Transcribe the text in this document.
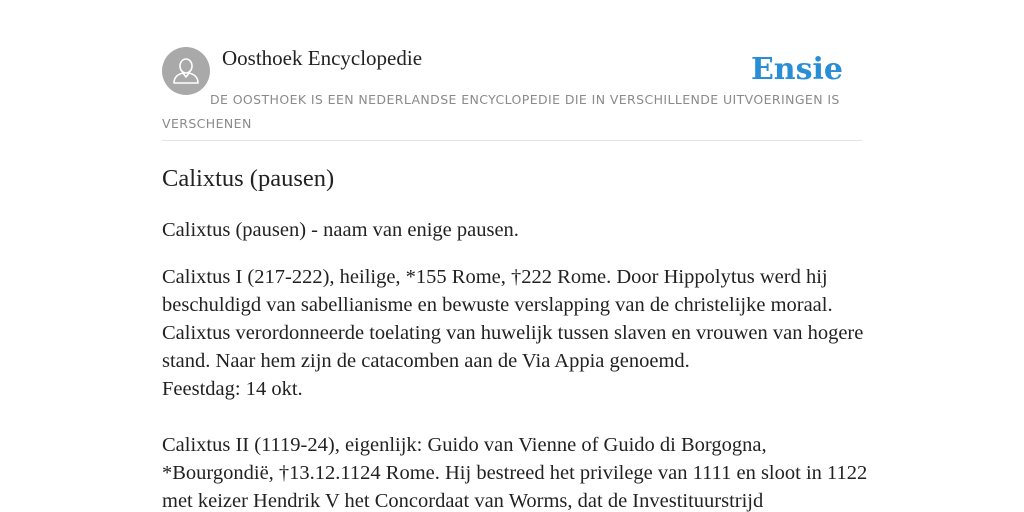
Oosthoek Encyclopedie	Ensie
DE OOSTHOEK IS EEN NEDERLANDSE ENCYCLOPEDIE DIE IN VERSCHILLENDE UITVOERINGEN IS VERSCHENEN
Calixtus (pausen)

Calixtus (pausen) - naam van enige pausen.

Calixtus I (217-222), heilige, *155 Rome, †222 Rome. Door Hippolytus werd hij beschuldigd van sabellianisme en bewuste verslapping van de christelijke moraal. Calixtus verordonneerde toelating van huwelijk tussen slaven en vrouwen van hogere stand. Naar hem zijn de catacomben aan de Via Appia genoemd.
Feestdag: 14 okt.

Calixtus II (1119-24), eigenlijk: Guido van Vienne of Guido di Borgogna, *Bourgondië, †13.12.1124 Rome. Hij bestreed het privilege van 1111 en sloot in 1122 met keizer Hendrik V het Concordaat van Worms, dat de Investituurstrijd
